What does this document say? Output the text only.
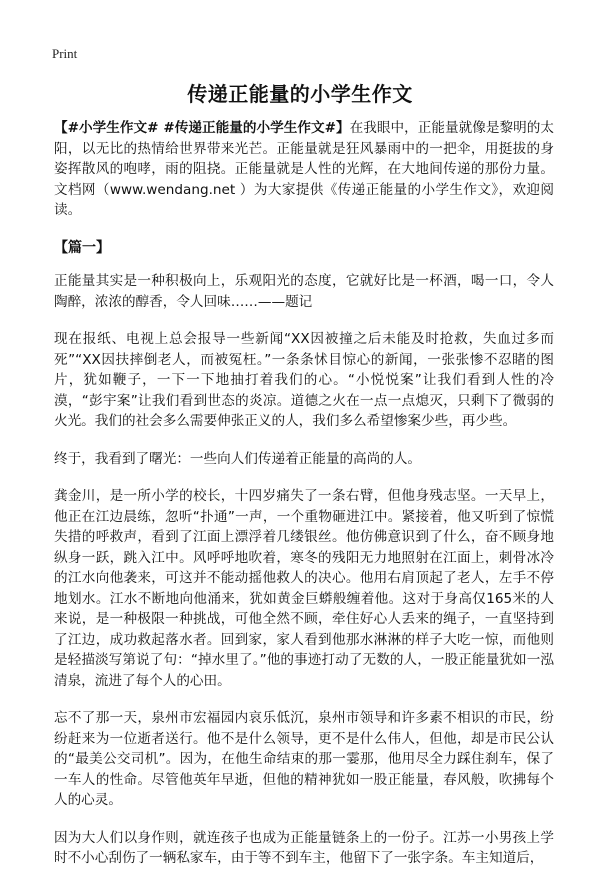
Print
传递正能量的小学生作文

【#小学生作文# #传递正能量的小学生作文#】在我眼中，正能量就像是黎明的太阳，以无比的热情给世界带来光芒。正能量就是狂风暴雨中的一把伞，用挺拔的身姿挥散风的咆哮，雨的阻挠。正能量就是人性的光辉，在大地间传递的那份力量。文档网（www.wendang.net ）为大家提供《传递正能量的小学生作文》，欢迎阅读。

【篇一】

正能量其实是一种积极向上，乐观阳光的态度，它就好比是一杯酒，喝一口，令人陶醉，浓浓的醇香，令人回味……——题记

现在报纸、电视上总会报导一些新闻“XX因被撞之后未能及时抢救，失血过多而死”“XX因扶摔倒老人，而被冤枉。”一条条怵目惊心的新闻，一张张惨不忍睹的图片，犹如鞭子，一下一下地抽打着我们的心。“小悦悦案”让我们看到人性的冷漠，“彭宇案”让我们看到世态的炎凉。道德之火在一点一点熄灭，只剩下了微弱的火光。我们的社会多么需要伸张正义的人，我们多么希望惨案少些，再少些。

终于，我看到了曙光：一些向人们传递着正能量的高尚的人。

龚金川，是一所小学的校长，十四岁痛失了一条右臂，但他身残志坚。一天早上，他正在江边晨练，忽听“扑通”一声，一个重物砸进江中。紧接着，他又听到了惊慌失措的呼救声，看到了江面上漂浮着几缕银丝。他仿佛意识到了什么，奋不顾身地纵身一跃，跳入江中。风呼呼地吹着，寒冬的残阳无力地照射在江面上，刺骨冰冷的江水向他袭来，可这并不能动摇他救人的决心。他用右肩顶起了老人，左手不停地划水。江水不断地向他涌来，犹如黄金巨蟒般缠着他。这对于身高仅165米的人来说，是一种极限一种挑战，可他全然不顾，牵住好心人丢来的绳子，一直坚持到了江边，成功救起落水者。回到家，家人看到他那水淋淋的样子大吃一惊，而他则是轻描淡写第说了句：“掉水里了。”他的事迹打动了无数的人，一股正能量犹如一泓清泉，流进了每个人的心田。

忘不了那一天，泉州市宏福园内哀乐低沉，泉州市领导和许多素不相识的市民，纷纷赶来为一位逝者送行。他不是什么领导，更不是什么伟人，但他，却是市民公认的“最美公交司机”。因为，在他生命结束的那一霎那，他用尽全力踩住刹车，保了一车人的性命。尽管他英年早逝，但他的精神犹如一股正能量，春风般，吹拂每个人的心灵。

因为大人们以身作则，就连孩子也成为正能量链条上的一份子。江苏一小男孩上学时不小心刮伤了一辆私家车，由于等不到车主，他留下了一张字条。车主知道后，
